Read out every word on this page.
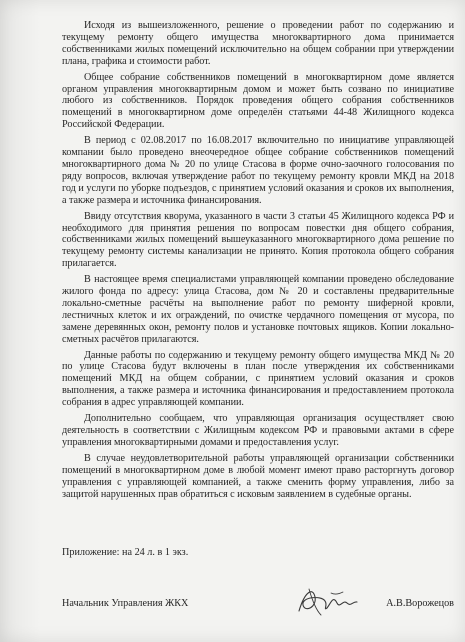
Исходя из вышеизложенного, решение о проведении работ по содержанию и текущему ремонту общего имущества многоквартирного дома принимается собственниками жилых помещений исключительно на общем собрании при утверждении плана, графика и стоимости работ.

Общее собрание собственников помещений в многоквартирном доме является органом управления многоквартирным домом и может быть созвано по инициативе любого из собственников. Порядок проведения общего собрания собственников помещений в многоквартирном доме определён статьями 44-48 Жилищного кодекса Российской Федерации.

В период с 02.08.2017 по 16.08.2017 включительно по инициативе управляющей компании было проведено внеочередное общее собрание собственников помещений многоквартирного дома № 20 по улице Стасова в форме очно-заочного голосования по ряду вопросов, включая утверждение работ по текущему ремонту кровли МКД на 2018 год и услуги по уборке подъездов, с принятием условий оказания и сроков их выполнения, а также размера и источника финансирования.

Ввиду отсутствия кворума, указанного в части 3 статьи 45 Жилищного кодекса РФ и необходимого для принятия решения по вопросам повестки дня общего собрания, собственниками жилых помещений вышеуказанного многоквартирного дома решение по текущему ремонту системы канализации не принято. Копия протокола общего собрания прилагается.

В настоящее время специалистами управляющей компании проведено обследование жилого фонда по адресу: улица Стасова, дом № 20 и составлены предварительные локально-сметные расчёты на выполнение работ по ремонту шиферной кровли, лестничных клеток и их ограждений, по очистке чердачного помещения от мусора, по замене деревянных окон, ремонту полов и установке почтовых ящиков. Копии локально-сметных расчётов прилагаются.

Данные работы по содержанию и текущему ремонту общего имущества МКД № 20 по улице Стасова будут включены в план после утверждения их собственниками помещений МКД на общем собрании, с принятием условий оказания и сроков выполнения, а также размера и источника финансирования и предоставлением протокола собрания в адрес управляющей компании.

Дополнительно сообщаем, что управляющая организация осуществляет свою деятельность в соответствии с Жилищным кодексом РФ и правовыми актами в сфере управления многоквартирными домами и предоставления услуг.

В случае неудовлетворительной работы управляющей организации собственники помещений в многоквартирном доме в любой момент имеют право расторгнуть договор управления с управляющей компанией, а также сменить форму управления, либо за защитой нарушенных прав обратиться с исковым заявлением в судебные органы.

Приложение: на 24 л. в 1 экз.
Начальник Управления ЖКХ	А.В.Ворожецов
